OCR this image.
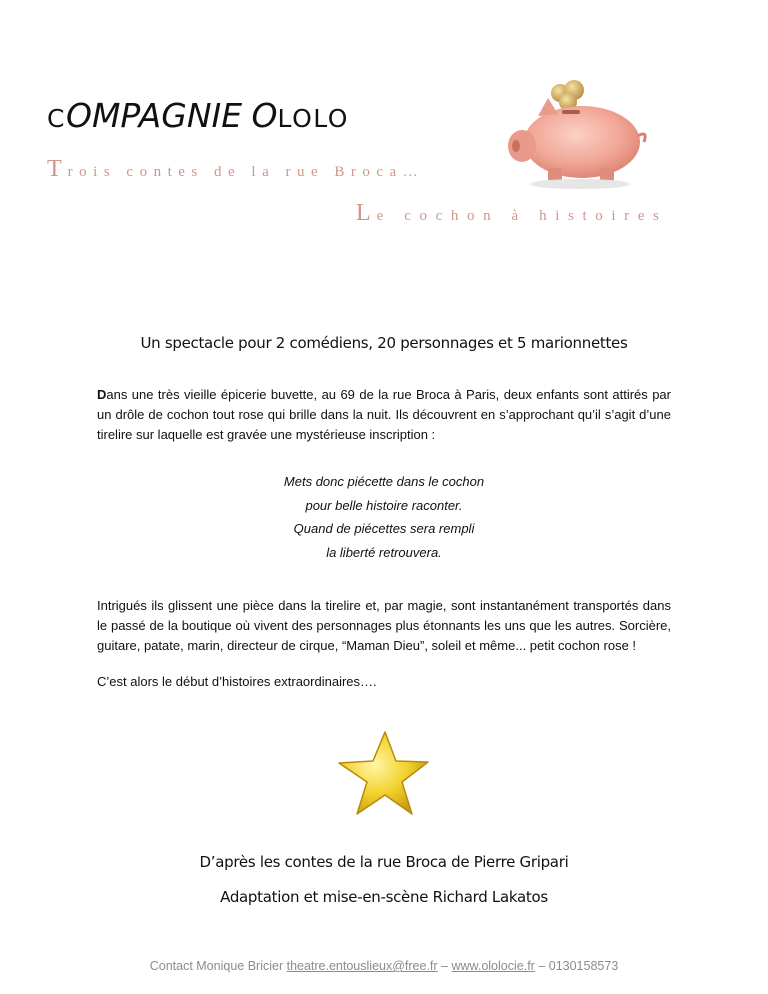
COMPAGNIE OLOLO
Trois contes de la rue Broca…
Le cochon à histoires
Un spectacle pour 2 comédiens, 20 personnages et 5 marionnettes
Dans une très vieille épicerie buvette, au 69 de la rue Broca à Paris, deux enfants sont attirés par un drôle de cochon tout rose qui brille dans la nuit. Ils découvrent en s’approchant qu’il s’agit d’une tirelire sur laquelle est gravée une mystérieuse inscription :
Mets donc piécette dans le cochon
pour belle histoire raconter.
Quand de piécettes sera rempli
la liberté retrouvera.
Intrigués ils glissent une pièce dans la tirelire et, par magie, sont instantanément transportés dans le passé de la boutique où vivent des personnages plus étonnants les uns que les autres. Sorcière, guitare, patate, marin, directeur de cirque, “Maman Dieu”, soleil et même... petit cochon rose !
C’est alors le début d’histoires extraordinaires….
D’après les contes de la rue Broca de Pierre Gripari
Adaptation et mise-en-scène Richard Lakatos
Contact Monique Bricier theatre.entouslieux@free.fr – www.ololocie.fr – 0130158573
